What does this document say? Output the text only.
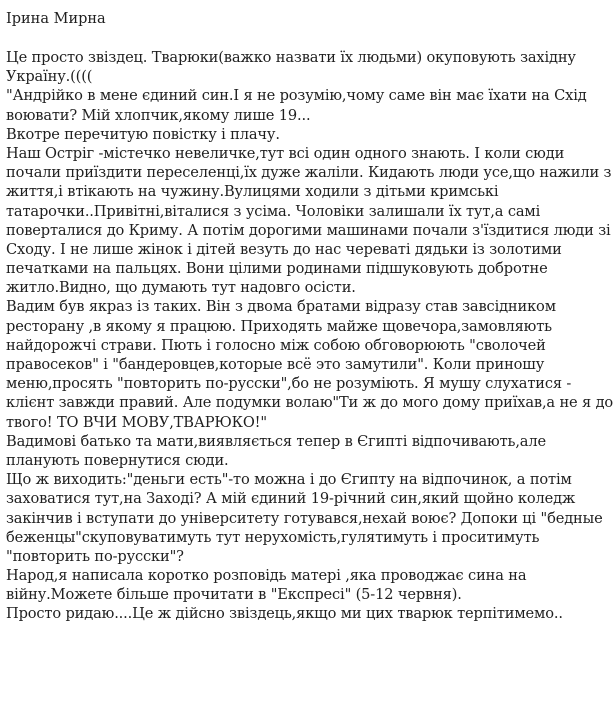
Ірина Мирна
Це просто звіздец. Тварюки(важко назвати їх людьми) окуповують західну
Україну.((((
"Андрійко в мене єдиний син.І я не розумію,чому саме він має їхати на Схід
воювати? Мій хлопчик,якому лише 19...
Вкотре перечитую повістку і плачу.
Наш Остріг -містечко невеличке,тут всі один одного знають. І коли сюди
почали приїздити переселенці,їх дуже жаліли. Кидають люди усе,що нажили з
життя,і втікають на чужину.Вулицями ходили з дітьми кримські
татарочки..Привітні,віталися з усіма. Чоловіки залишали їх тут,а самі
поверталися до Криму. А потім дорогими машинами почали з'їздитися люди зі
Сходу. І не лише жінок і дітей везуть до нас череваті дядьки із золотими
печатками на пальцях. Вони цілими родинами підшуковують добротне
житло.Видно, що думають тут надовго осісти.
Вадим був якраз із таких. Він з двома братами відразу став завсідником
ресторану ,в якому я працюю. Приходять майже щовечора,замовляють
найдорожчі страви. Пють і голосно між собою обговорюють "сволочей
правосеков" і "бандеровцев,которые всё это замутили". Коли приношу
меню,просять "повторить по-русски",бо не розуміють. Я мушу слухатися -
клієнт завжди правий. Але подумки волаю"Ти ж до мого дому приїхав,а не я до
твого! ТО ВЧИ МОВУ,ТВАРЮКО!"
Вадимові батько та мати,виявляється тепер в Єгипті відпочивають,але
планують повернутися сюди.
Що ж виходить:"деньги есть"-то можна і до Єгипту на відпочинок, а потім
заховатися тут,на Заході? А мій єдиний 19-річний син,який щойно коледж
закінчив і вступати до університету готувався,нехай воює? Допоки ці "бедные
беженцы"скуповуватимуть тут нерухомість,гулятимуть і проситимуть
"повторить по-русски"?
Народ,я написала коротко розповідь матері ,яка проводжає сина на
війну.Можете більше прочитати в "Експресі" (5-12 червня).
Просто ридаю....Це ж дійсно звіздець,якщо ми цих тварюк терпітимемо..
